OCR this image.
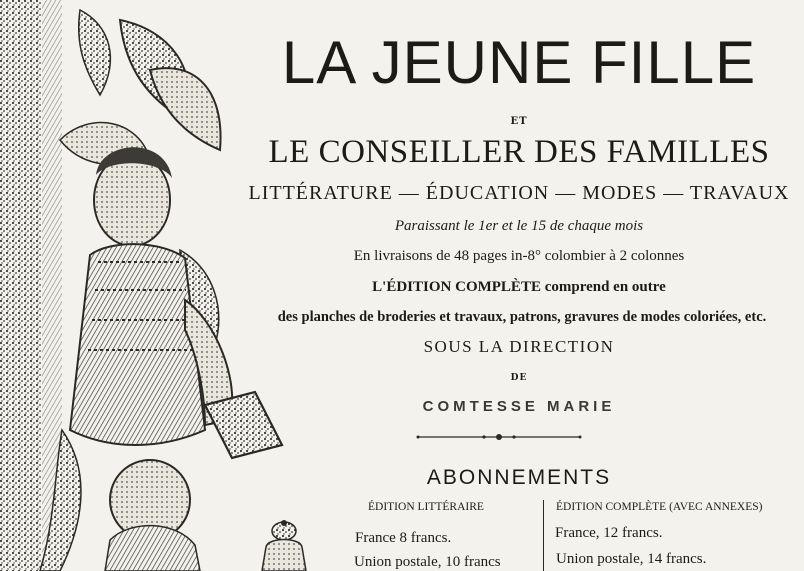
LA JEUNE FILLE
ET
LE CONSEILLER DES FAMILLES
LITTÉRATURE — ÉDUCATION — MODES — TRAVAUX
Paraissant le 1er et le 15 de chaque mois
En livraisons de 48 pages in-8° colombier à 2 colonnes
L'ÉDITION COMPLÈTE comprend en outre
des planches de broderies et travaux, patrons, gravures de modes coloriées, etc.
SOUS LA DIRECTION
DE
COMTESSE MARIE
ABONNEMENTS
ÉDITION LITTÉRAIRE	ÉDITION COMPLÈTE (AVEC ANNEXES)
France 8 francs.
Union postale, 10 francs
France, 12 francs.
Union postale, 14 francs.
